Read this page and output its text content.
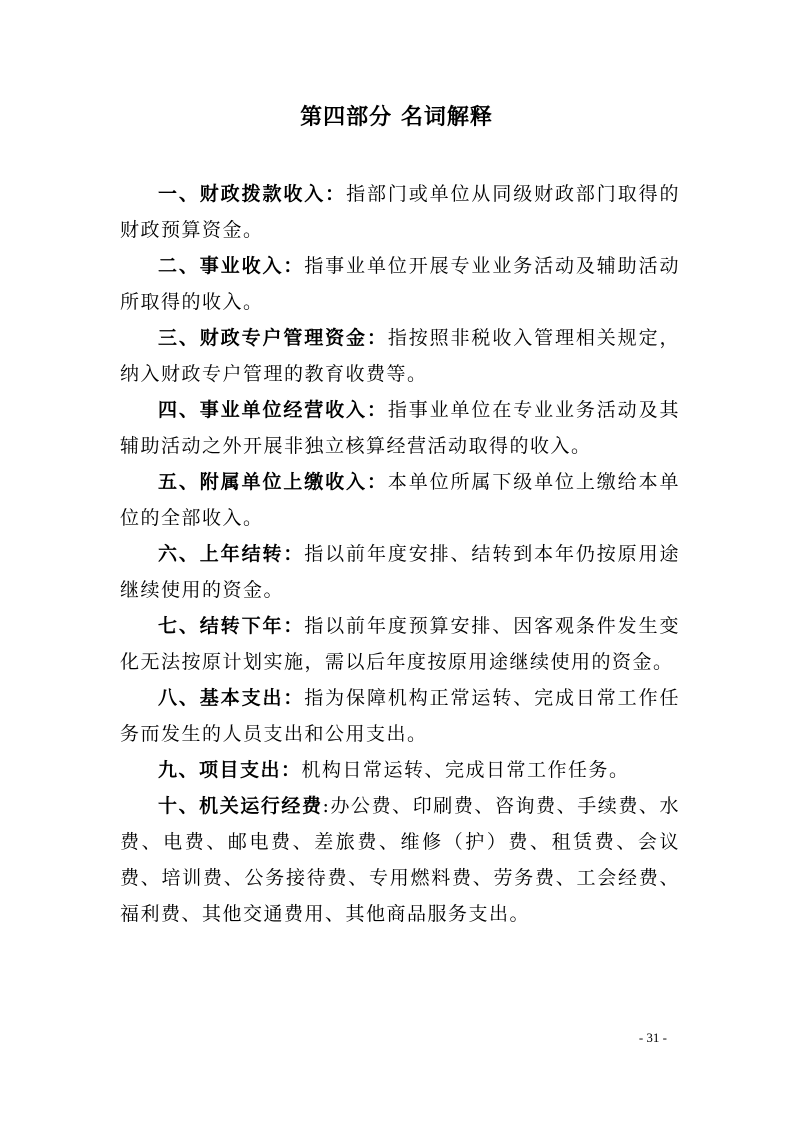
第四部分 名词解释

一、财政拨款收入：指部门或单位从同级财政部门取得的财政预算资金。

二、事业收入：指事业单位开展专业业务活动及辅助活动所取得的收入。

三、财政专户管理资金：指按照非税收入管理相关规定，纳入财政专户管理的教育收费等。

四、事业单位经营收入：指事业单位在专业业务活动及其辅助活动之外开展非独立核算经营活动取得的收入。

五、附属单位上缴收入：本单位所属下级单位上缴给本单位的全部收入。

六、上年结转：指以前年度安排、结转到本年仍按原用途继续使用的资金。

七、结转下年：指以前年度预算安排、因客观条件发生变化无法按原计划实施，需以后年度按原用途继续使用的资金。

八、基本支出：指为保障机构正常运转、完成日常工作任务而发生的人员支出和公用支出。

九、项目支出：机构日常运转、完成日常工作任务。

十、机关运行经费:办公费、印刷费、咨询费、手续费、水费、电费、邮电费、差旅费、维修（护）费、租赁费、会议费、培训费、公务接待费、专用燃料费、劳务费、工会经费、福利费、其他交通费用、其他商品服务支出。

- 31 -
